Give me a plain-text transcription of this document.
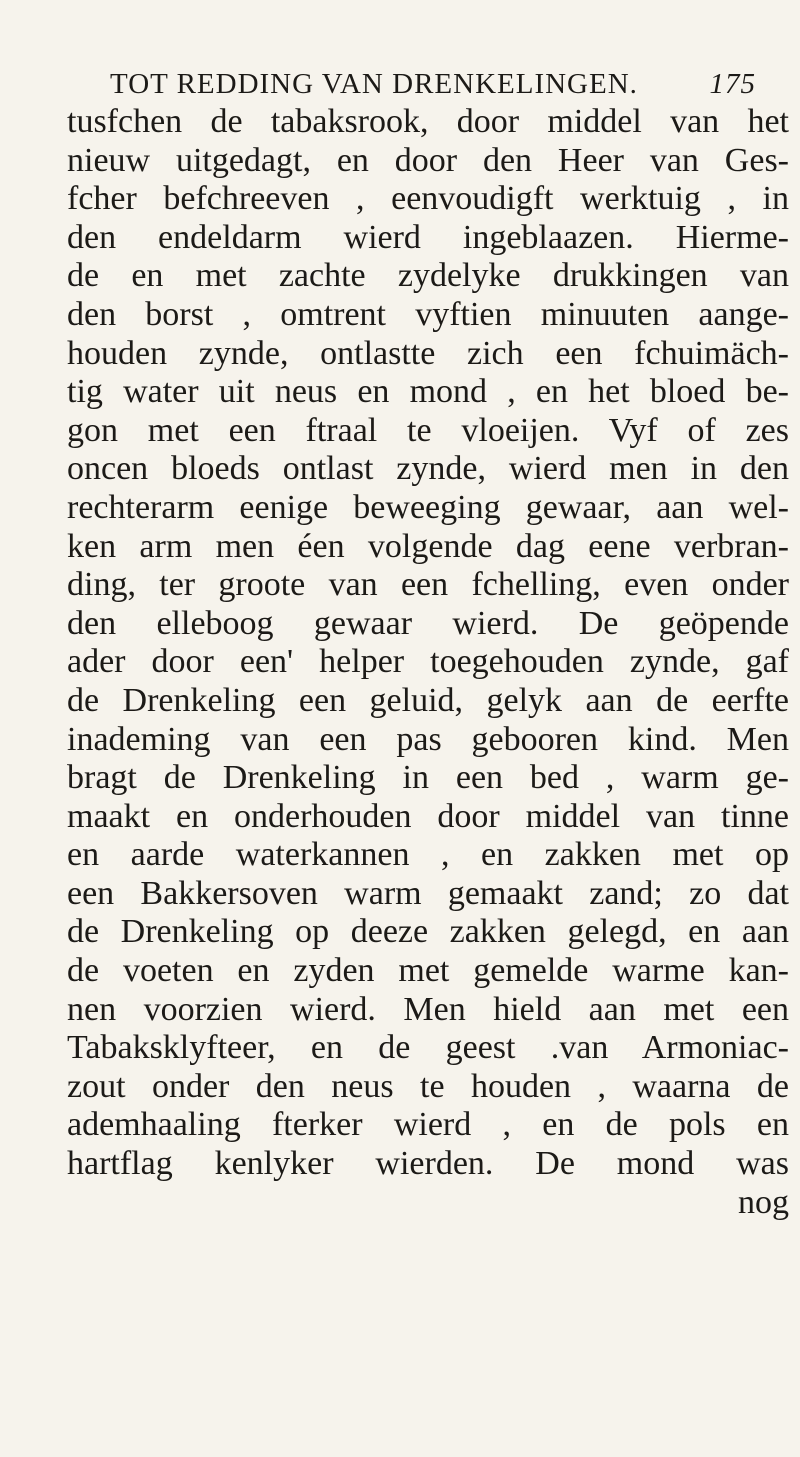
TOT REDDING VAN DRENKELINGEN. 175
tusfchen de tabaksrook, door middel van het
nieuw uitgedagt, en door den Heer van Ges-
fcher befchreeven , eenvoudigft werktuig , in
den endeldarm wierd ingeblaazen. Hierme-
de en met zachte zydelyke drukkingen van
den borst , omtrent vyftien minuuten aange-
houden zynde, ontlastte zich een fchuimäch-
tig water uit neus en mond , en het bloed be-
gon met een ftraal te vloeijen. Vyf of zes
oncen bloeds ontlast zynde, wierd men in den
rechterarm eenige beweeging gewaar, aan wel-
ken arm men éen volgende dag eene verbran-
ding, ter groote van een fchelling, even onder
den elleboog gewaar wierd. De geöpende
ader door een' helper toegehouden zynde, gaf
de Drenkeling een geluid, gelyk aan de eerfte
inademing van een pas gebooren kind. Men
bragt de Drenkeling in een bed , warm ge-
maakt en onderhouden door middel van tinne
en aarde waterkannen , en zakken met op
een Bakkersoven warm gemaakt zand; zo dat
de Drenkeling op deeze zakken gelegd, en aan
de voeten en zyden met gemelde warme kan-
nen voorzien wierd. Men hield aan met een
Tabaksklyfteer, en de geest .van Armoniac-
zout onder den neus te houden , waarna de
ademhaaling fterker wierd , en de pols en
hartflag kenlyker wierden. De mond was
nog
